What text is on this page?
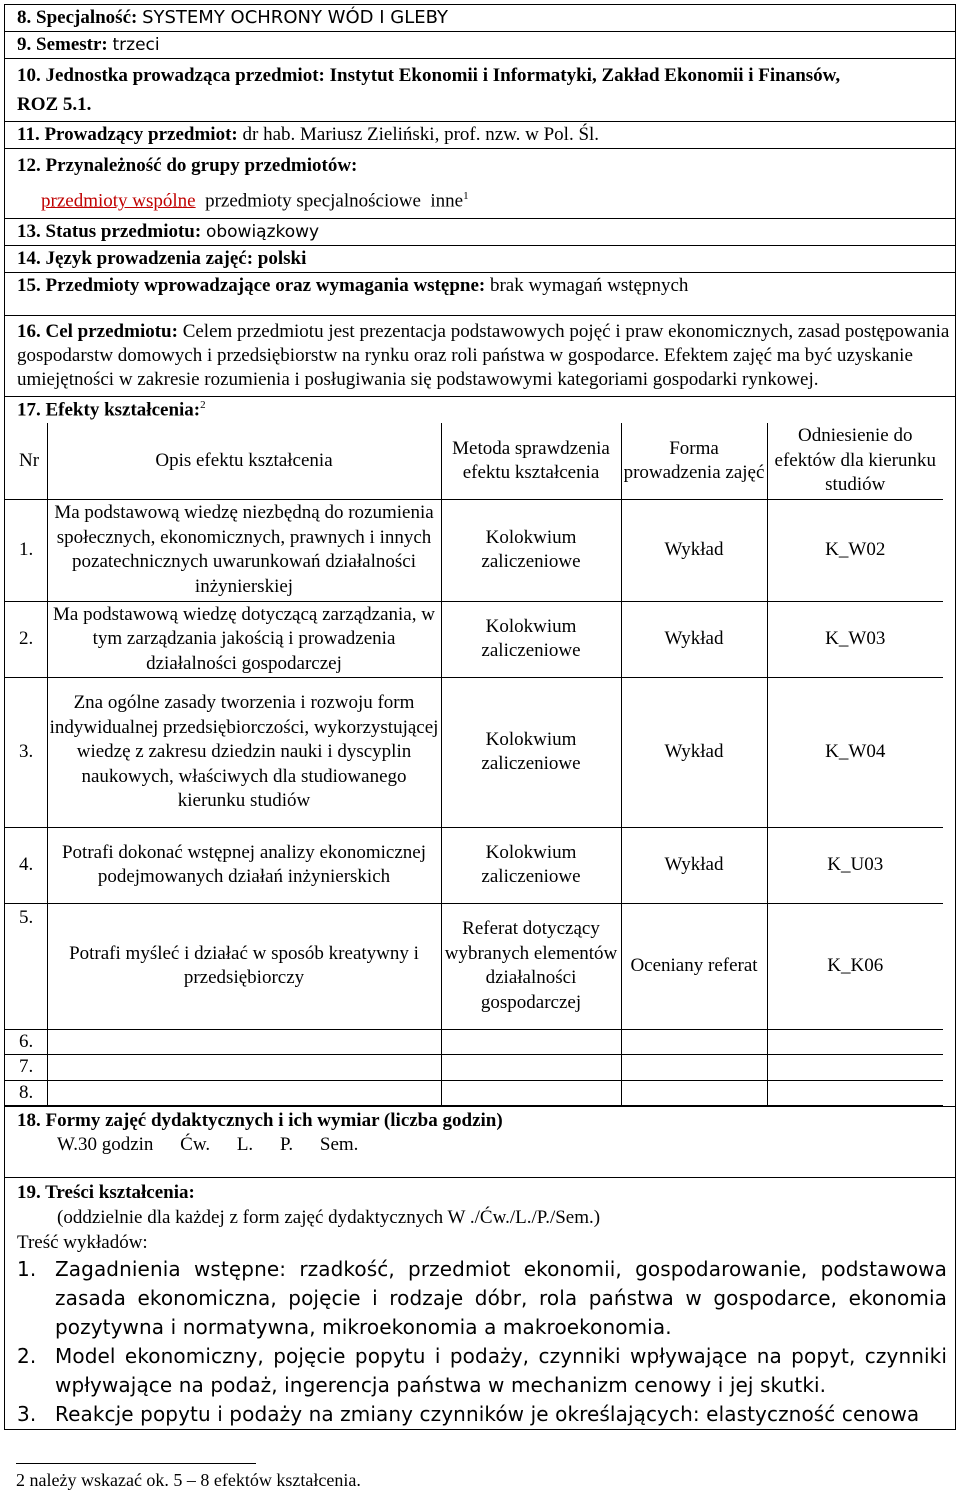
8. Specjalność: SYSTEMY OCHRONY WÓD I GLEBY
9. Semestr: trzeci
10. Jednostka prowadząca przedmiot: Instytut Ekonomii i Informatyki, Zakład Ekonomii i Finansów,
ROZ 5.1.
11. Prowadzący przedmiot: dr hab. Mariusz Zieliński, prof. nzw. w Pol. Śl.
12. Przynależność do grupy przedmiotów:
przedmioty wspólne przedmioty specjalnościowe inne$^1$
13. Status przedmiotu: obowiązkowy
14. Język prowadzenia zajęć: polski
15. Przedmioty wprowadzające oraz wymagania wstępne: brak wymagań wstępnych
16. Cel przedmiotu: Celem przedmiotu jest prezentacja podstawowych pojęć i praw ekonomicznych, zasad postępowania gospodarstw domowych i przedsiębiorstw na rynku oraz roli państwa w gospodarce. Efektem zajęć ma być uzyskanie umiejętności w zakresie rozumienia i posługiwania się podstawowymi kategoriami gospodarki rynkowej.

17. Efekty kształcenia:$^2$
Nr	Opis efektu kształcenia	Metoda sprawdzenia efektu kształcenia	Forma prowadzenia zajęć	Odniesienie do efektów dla kierunku studiów
1.	Ma podstawową wiedzę niezbędną do rozumienia społecznych, ekonomicznych, prawnych i innych pozatechnicznych uwarunkowań działalności inżynierskiej	Kolokwium zaliczeniowe	Wykład	K_W02
2.	Ma podstawową wiedzę dotyczącą zarządzania, w tym zarządzania jakością i prowadzenia działalności gospodarczej	Kolokwium zaliczeniowe	Wykład	K_W03
3.	Zna ogólne zasady tworzenia i rozwoju form indywidualnej przedsiębiorczości, wykorzystującej wiedzę z zakresu dziedzin nauki i dyscyplin naukowych, właściwych dla studiowanego kierunku studiów	Kolokwium zaliczeniowe	Wykład	K_W04
4.	Potrafi dokonać wstępnej analizy ekonomicznej podejmowanych działań inżynierskich	Kolokwium zaliczeniowe	Wykład	K_U03
5.	Potrafi myśleć i działać w sposób kreatywny i przedsiębiorczy	Referat dotyczący wybranych elementów działalności gospodarczej	Oceniany referat	K_K06
6.				
7.				
8.				

18. Formy zajęć dydaktycznych i ich wymiar (liczba godzin)
W.30 godzin Ćw. L. P. Sem.

19. Treści kształcenia:
(oddzielnie dla każdej z form zajęć dydaktycznych W ./Ćw./L./P./Sem.)
Treść wykładów:
1. Zagadnienia wstępne: rzadkość, przedmiot ekonomii, gospodarowanie, podstawowa zasada ekonomiczna, pojęcie i rodzaje dóbr, rola państwa w gospodarce, ekonomia pozytywna i normatywna, mikroekonomia a makroekonomia.
2. Model ekonomiczny, pojęcie popytu i podaży, czynniki wpływające na popyt, czynniki wpływające na podaż, ingerencja państwa w mechanizm cenowy i jej skutki.
3. Reakcje popytu i podaży na zmiany czynników je określających: elastyczność cenowa
2 należy wskazać ok. 5 – 8 efektów kształcenia.
